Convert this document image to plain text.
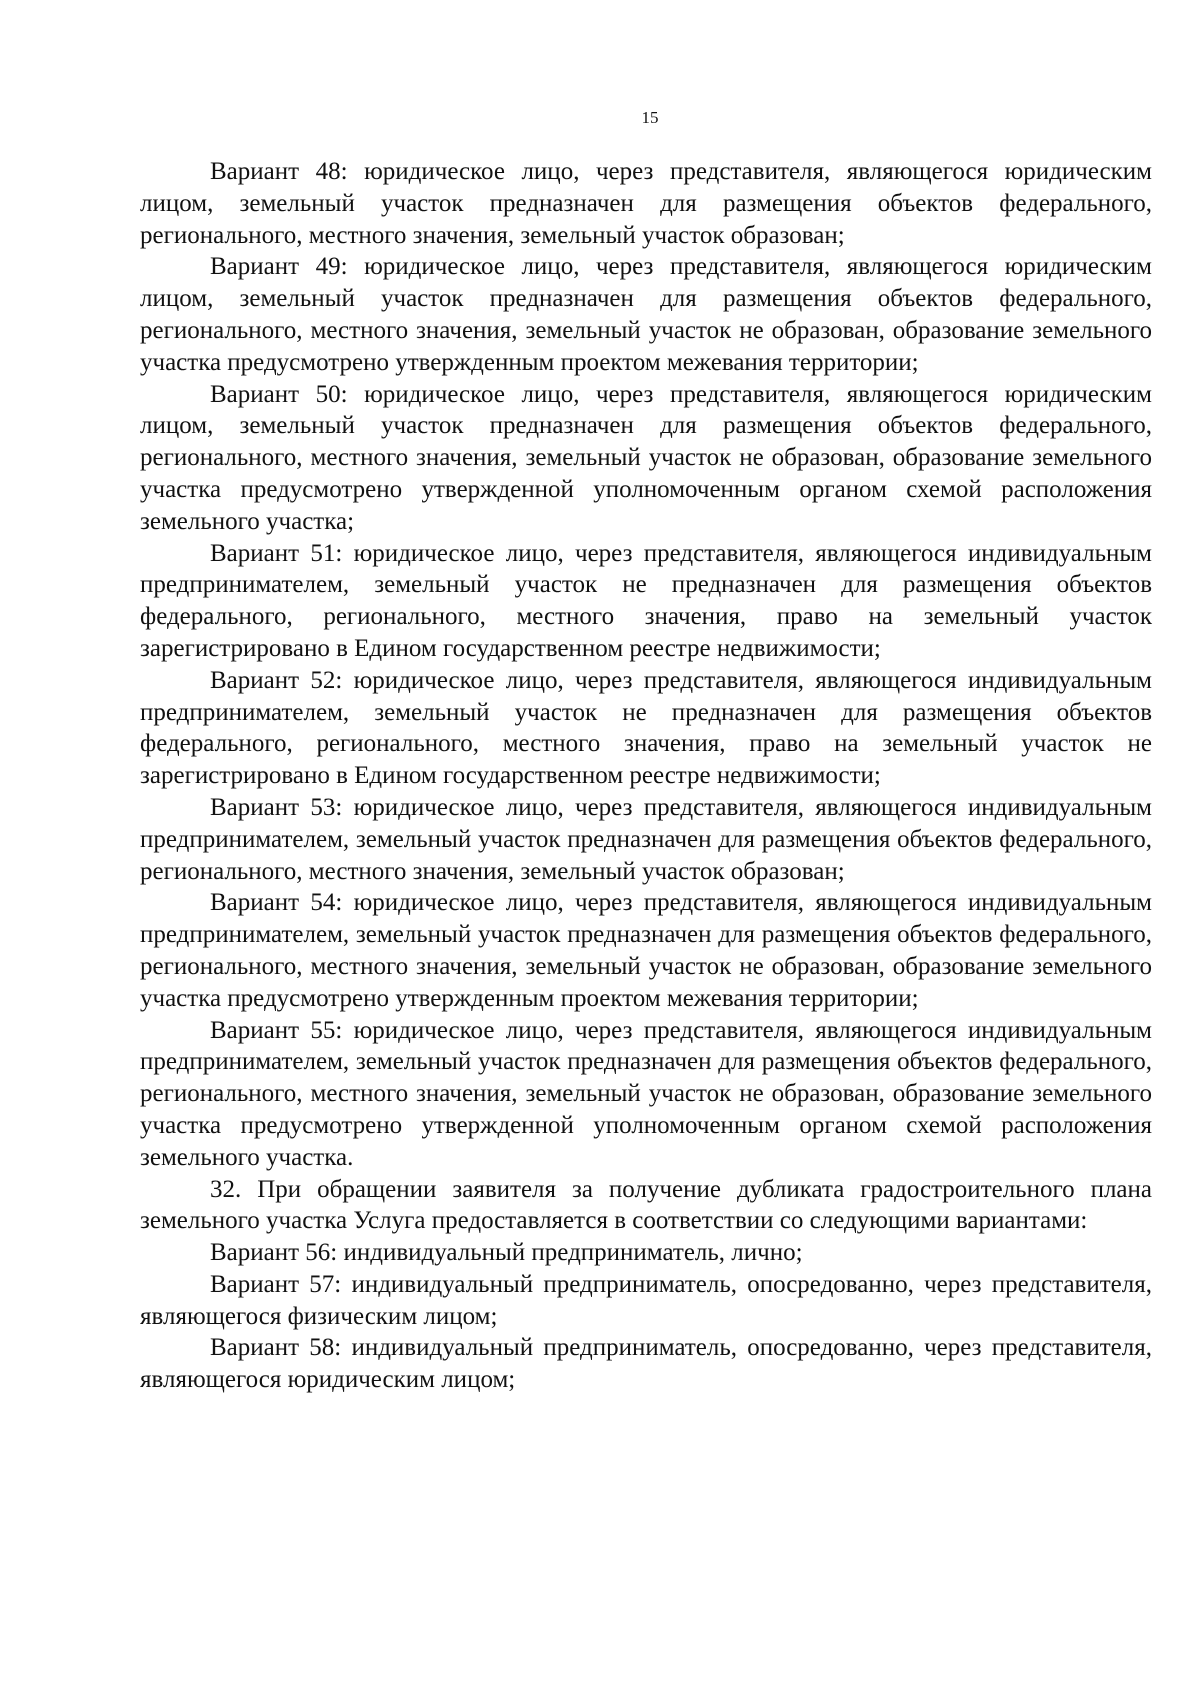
15

Вариант 48: юридическое лицо, через представителя, являющегося юридическим лицом, земельный участок предназначен для размещения объектов федерального, регионального, местного значения, земельный участок образован;

Вариант 49: юридическое лицо, через представителя, являющегося юридическим лицом, земельный участок предназначен для размещения объектов федерального, регионального, местного значения, земельный участок не образован, образование земельного участка предусмотрено утвержденным проектом межевания территории;

Вариант 50: юридическое лицо, через представителя, являющегося юридическим лицом, земельный участок предназначен для размещения объектов федерального, регионального, местного значения, земельный участок не образован, образование земельного участка предусмотрено утвержденной уполномоченным органом схемой расположения земельного участка;

Вариант 51: юридическое лицо, через представителя, являющегося индивидуальным предпринимателем, земельный участок не предназначен для размещения объектов федерального, регионального, местного значения, право на земельный участок зарегистрировано в Едином государственном реестре недвижимости;

Вариант 52: юридическое лицо, через представителя, являющегося индивидуальным предпринимателем, земельный участок не предназначен для размещения объектов федерального, регионального, местного значения, право на земельный участок не зарегистрировано в Едином государственном реестре недвижимости;

Вариант 53: юридическое лицо, через представителя, являющегося индивидуальным предпринимателем, земельный участок предназначен для размещения объектов федерального, регионального, местного значения, земельный участок образован;

Вариант 54: юридическое лицо, через представителя, являющегося индивидуальным предпринимателем, земельный участок предназначен для размещения объектов федерального, регионального, местного значения, земельный участок не образован, образование земельного участка предусмотрено утвержденным проектом межевания территории;

Вариант 55: юридическое лицо, через представителя, являющегося индивидуальным предпринимателем, земельный участок предназначен для размещения объектов федерального, регионального, местного значения, земельный участок не образован, образование земельного участка предусмотрено утвержденной уполномоченным органом схемой расположения земельного участка.

32. При обращении заявителя за получение дубликата градостроительного плана земельного участка Услуга предоставляется в соответствии со следующими вариантами:

Вариант 56: индивидуальный предприниматель, лично;

Вариант 57: индивидуальный предприниматель, опосредованно, через представителя, являющегося физическим лицом;

Вариант 58: индивидуальный предприниматель, опосредованно, через представителя, являющегося юридическим лицом;
